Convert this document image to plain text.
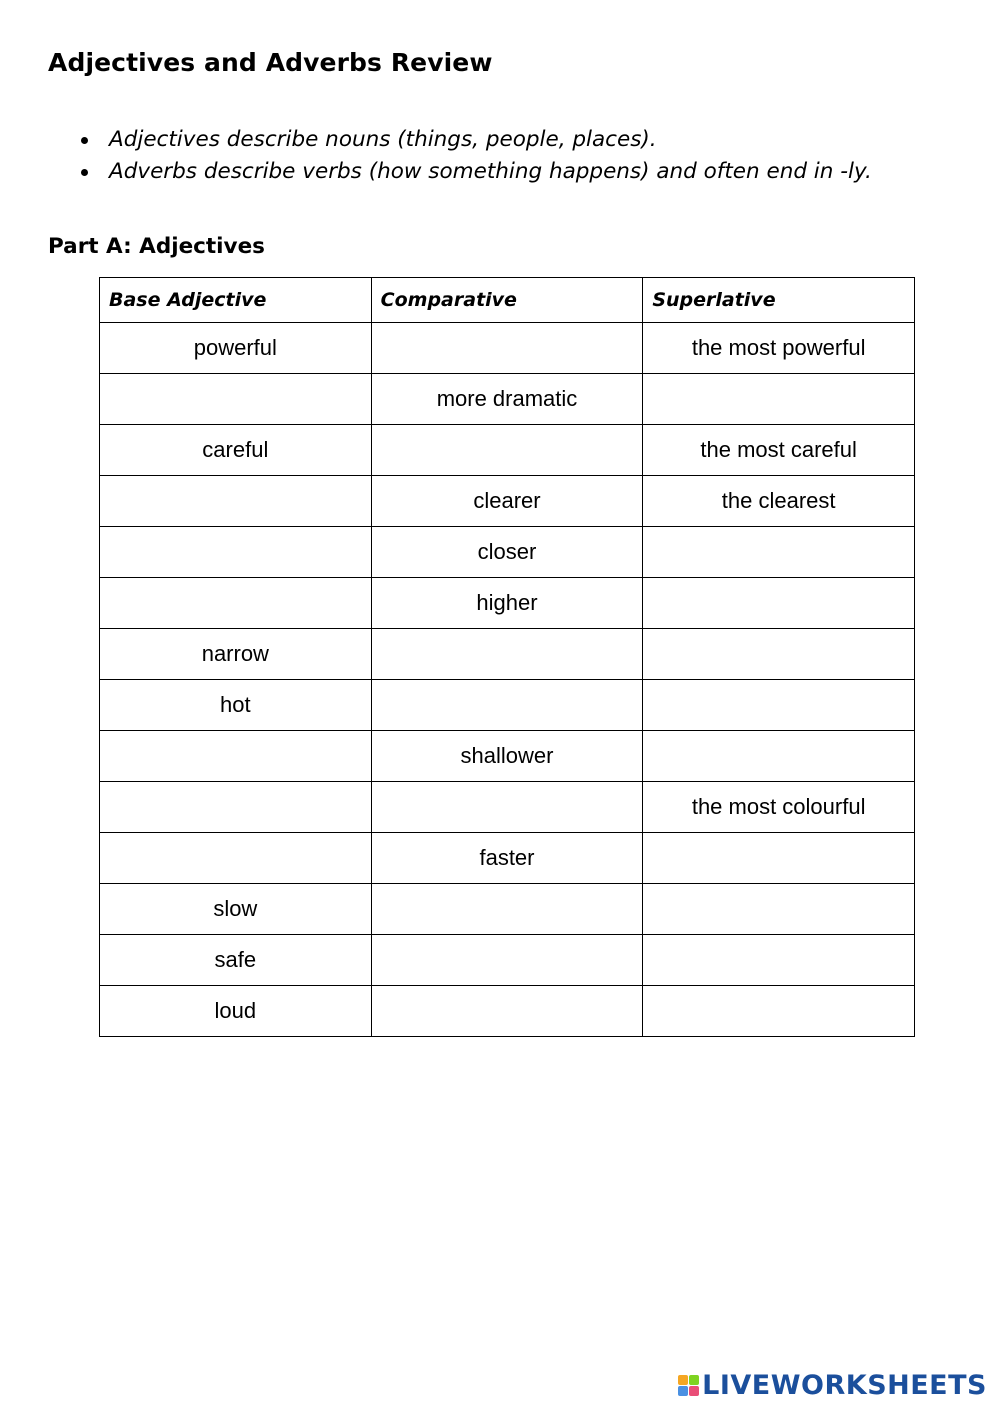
Adjectives and Adverbs Review
Adjectives describe nouns (things, people, places).
Adverbs describe verbs (how something happens) and often end in -ly.
Part A: Adjectives
Base Adjective	Comparative	Superlative
powerful		the most powerful
	more dramatic	
careful		the most careful
	clearer	the clearest
	closer	
	higher	
narrow		
hot		
	shallower	
		the most colourful
	faster	
slow		
safe		
loud		
LIVEWORKSHEETS
